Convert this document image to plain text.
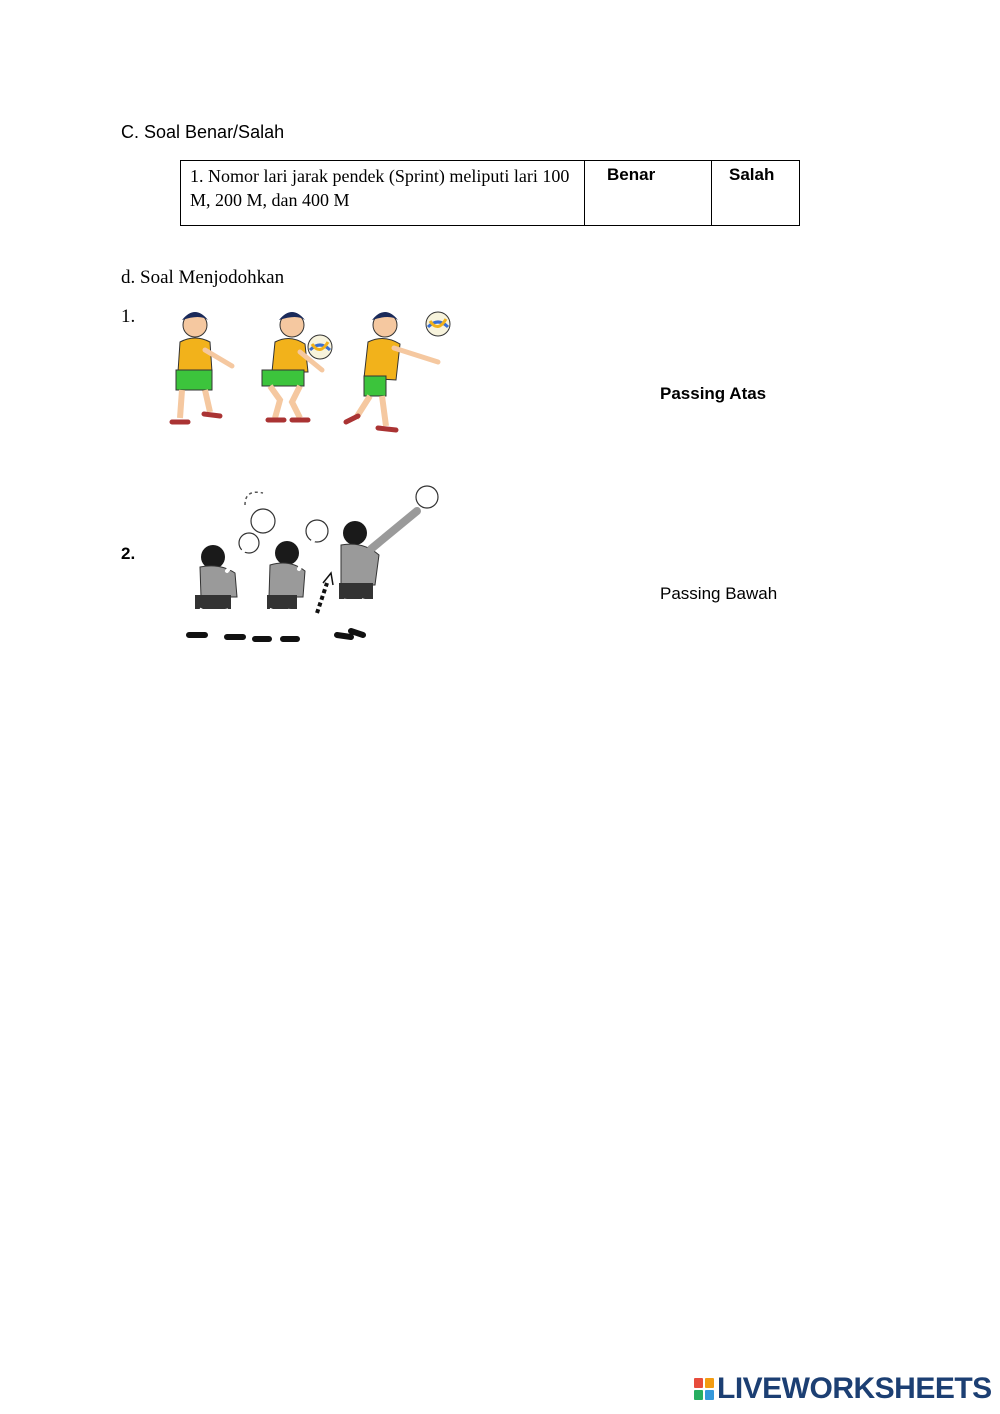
C. Soal Benar/Salah
1. Nomor lari jarak pendek (Sprint) meliputi lari 100 M, 200 M, dan 400 M	Benar	Salah
d. Soal Menjodohkan
1.
2.
Passing Atas
Passing Bawah
LIVEWORKSHEETS
